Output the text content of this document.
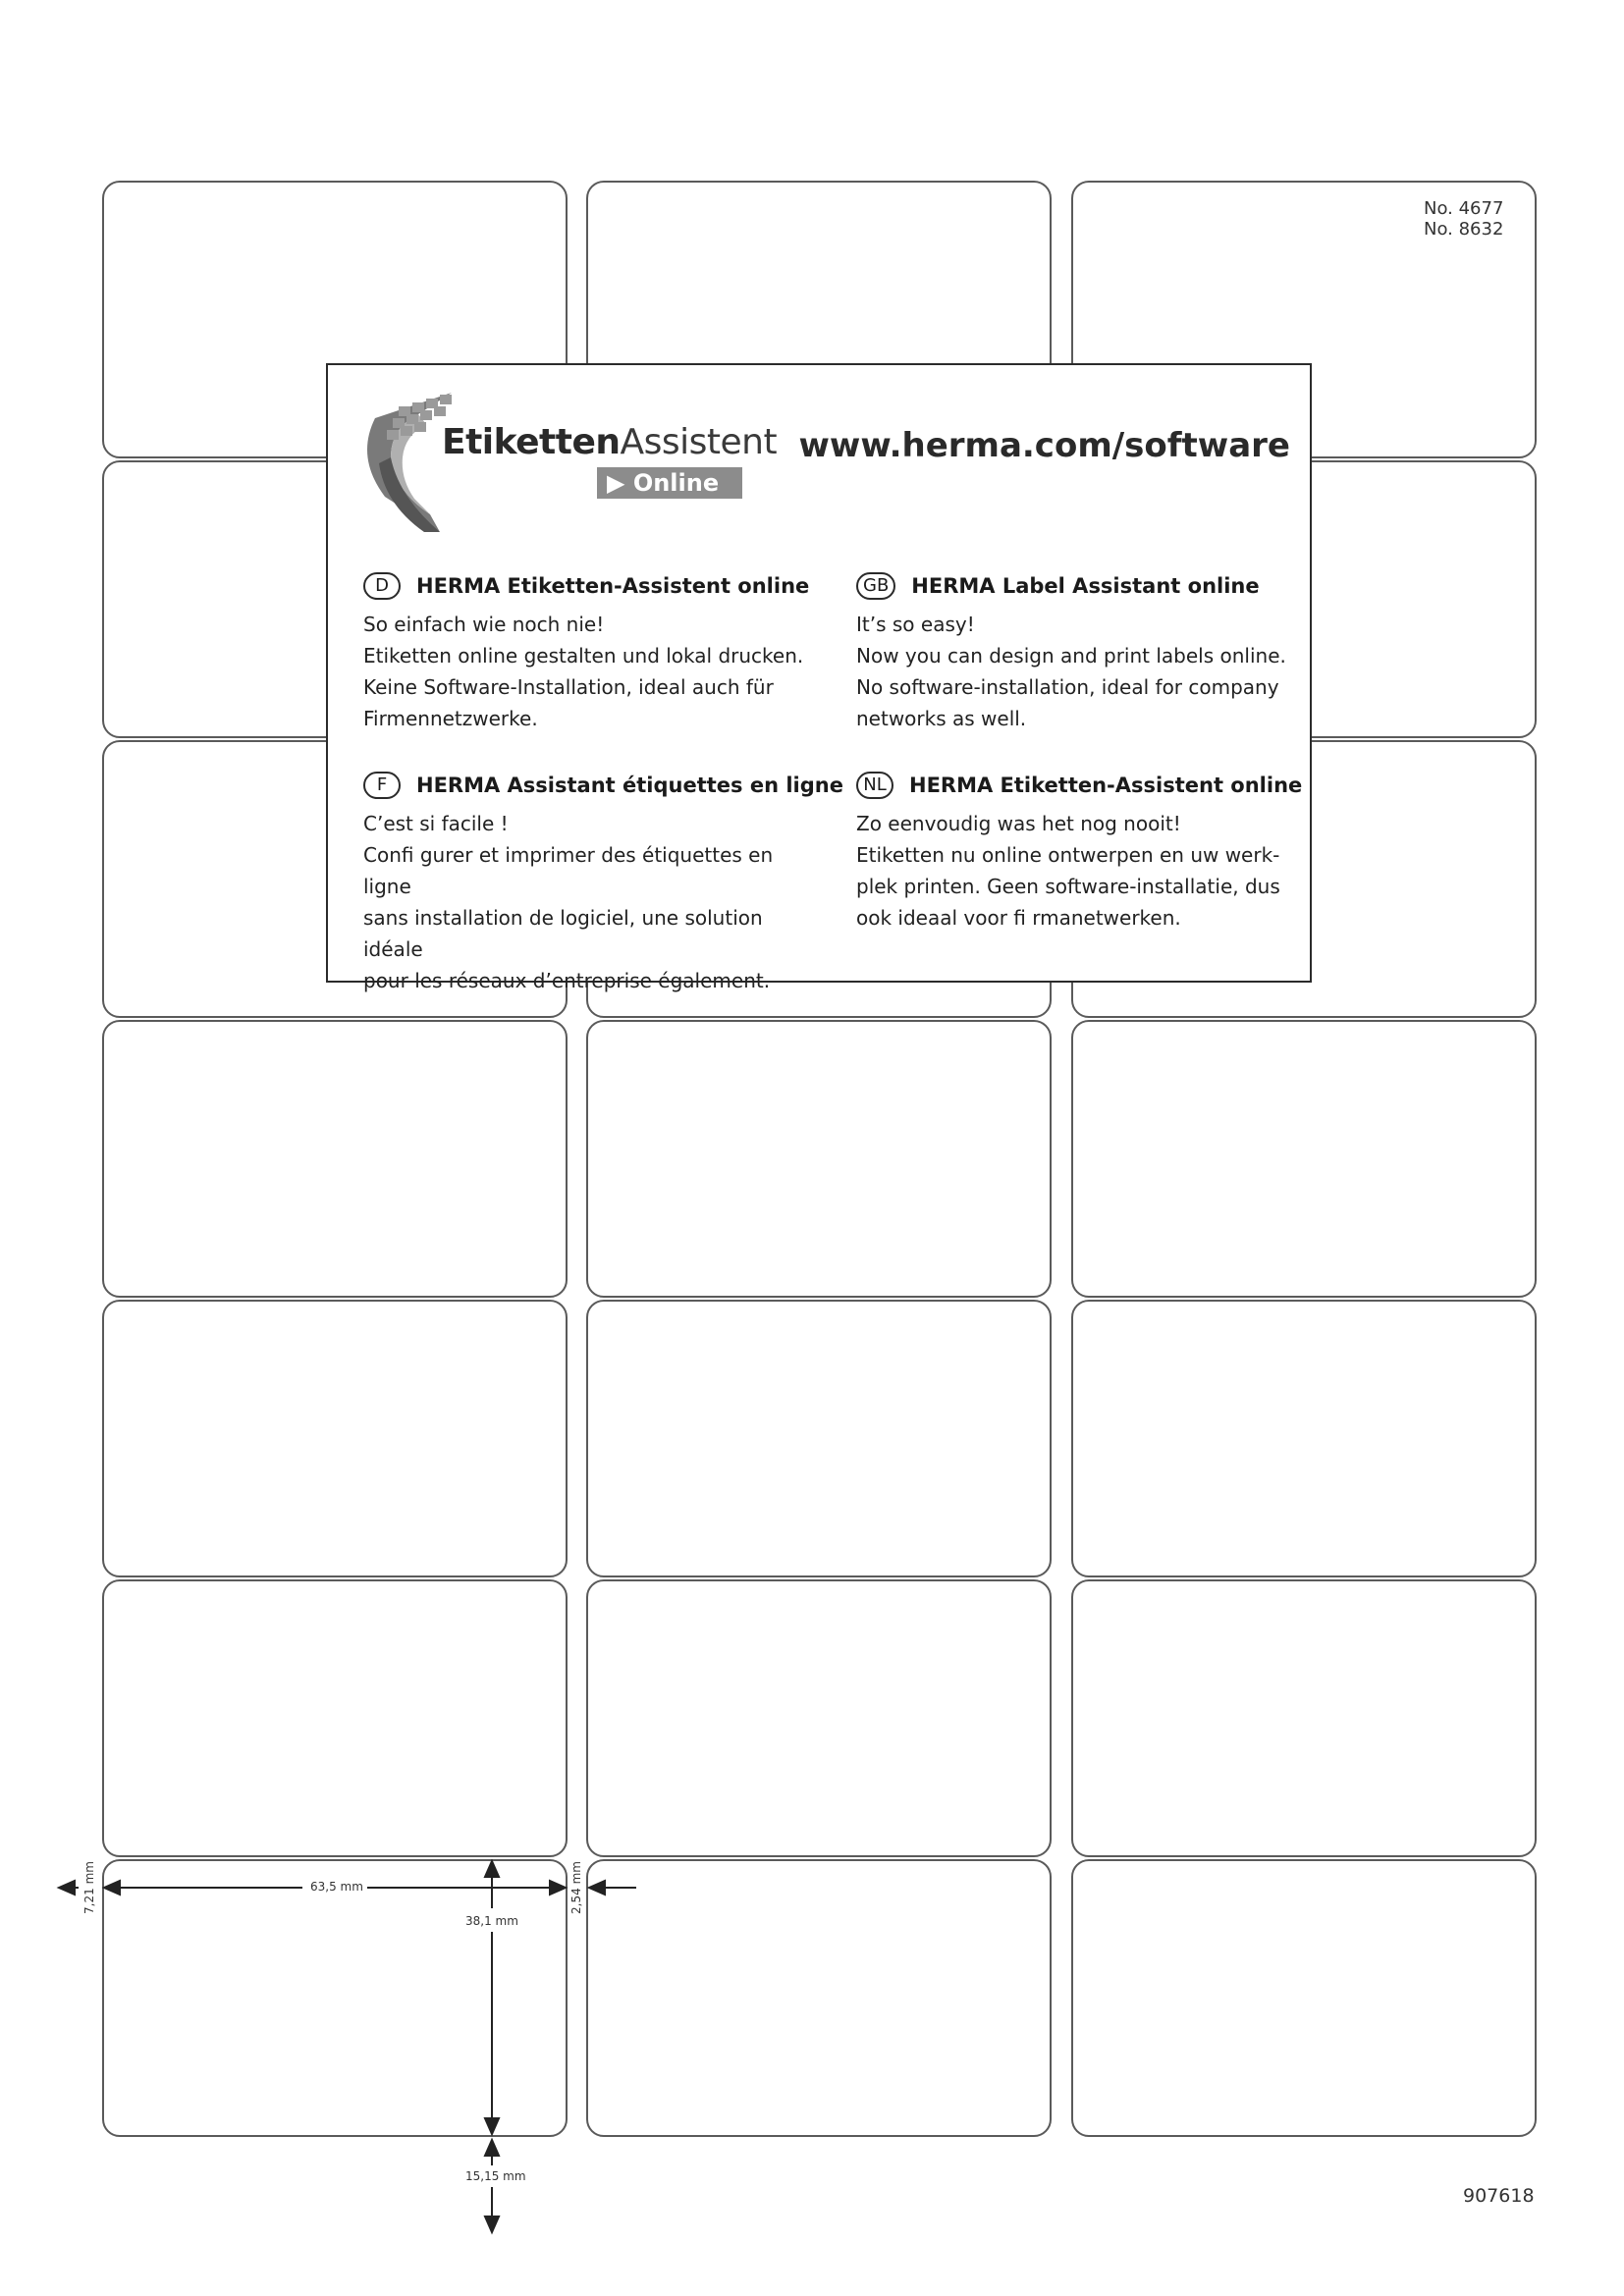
No. 4677
No. 8632
EtikettenAssistent
▶ Online
www.herma.com/software
D	HERMA Etiketten-Assistent online
So einfach wie noch nie!
Etiketten online gestalten und lokal drucken.
Keine Software-Installation, ideal auch für
Firmennetzwerke.
GB	HERMA Label Assistant online
It’s so easy!
Now you can design and print labels online.
No software-installation, ideal for company
networks as well.
F	HERMA Assistant étiquettes en ligne
C’est si facile !
Confi gurer et imprimer des étiquettes en ligne
sans installation de logiciel, une solution idéale
pour les réseaux d’entreprise également.
NL	HERMA Etiketten-Assistent online
Zo eenvoudig was het nog nooit!
Etiketten nu online ontwerpen en uw werk-
plek printen. Geen software-installatie, dus
ook ideaal voor fi rmanetwerken.
7,21 mm	63,5 mm
38,1 mm
2,54 mm
15,15 mm
907618
